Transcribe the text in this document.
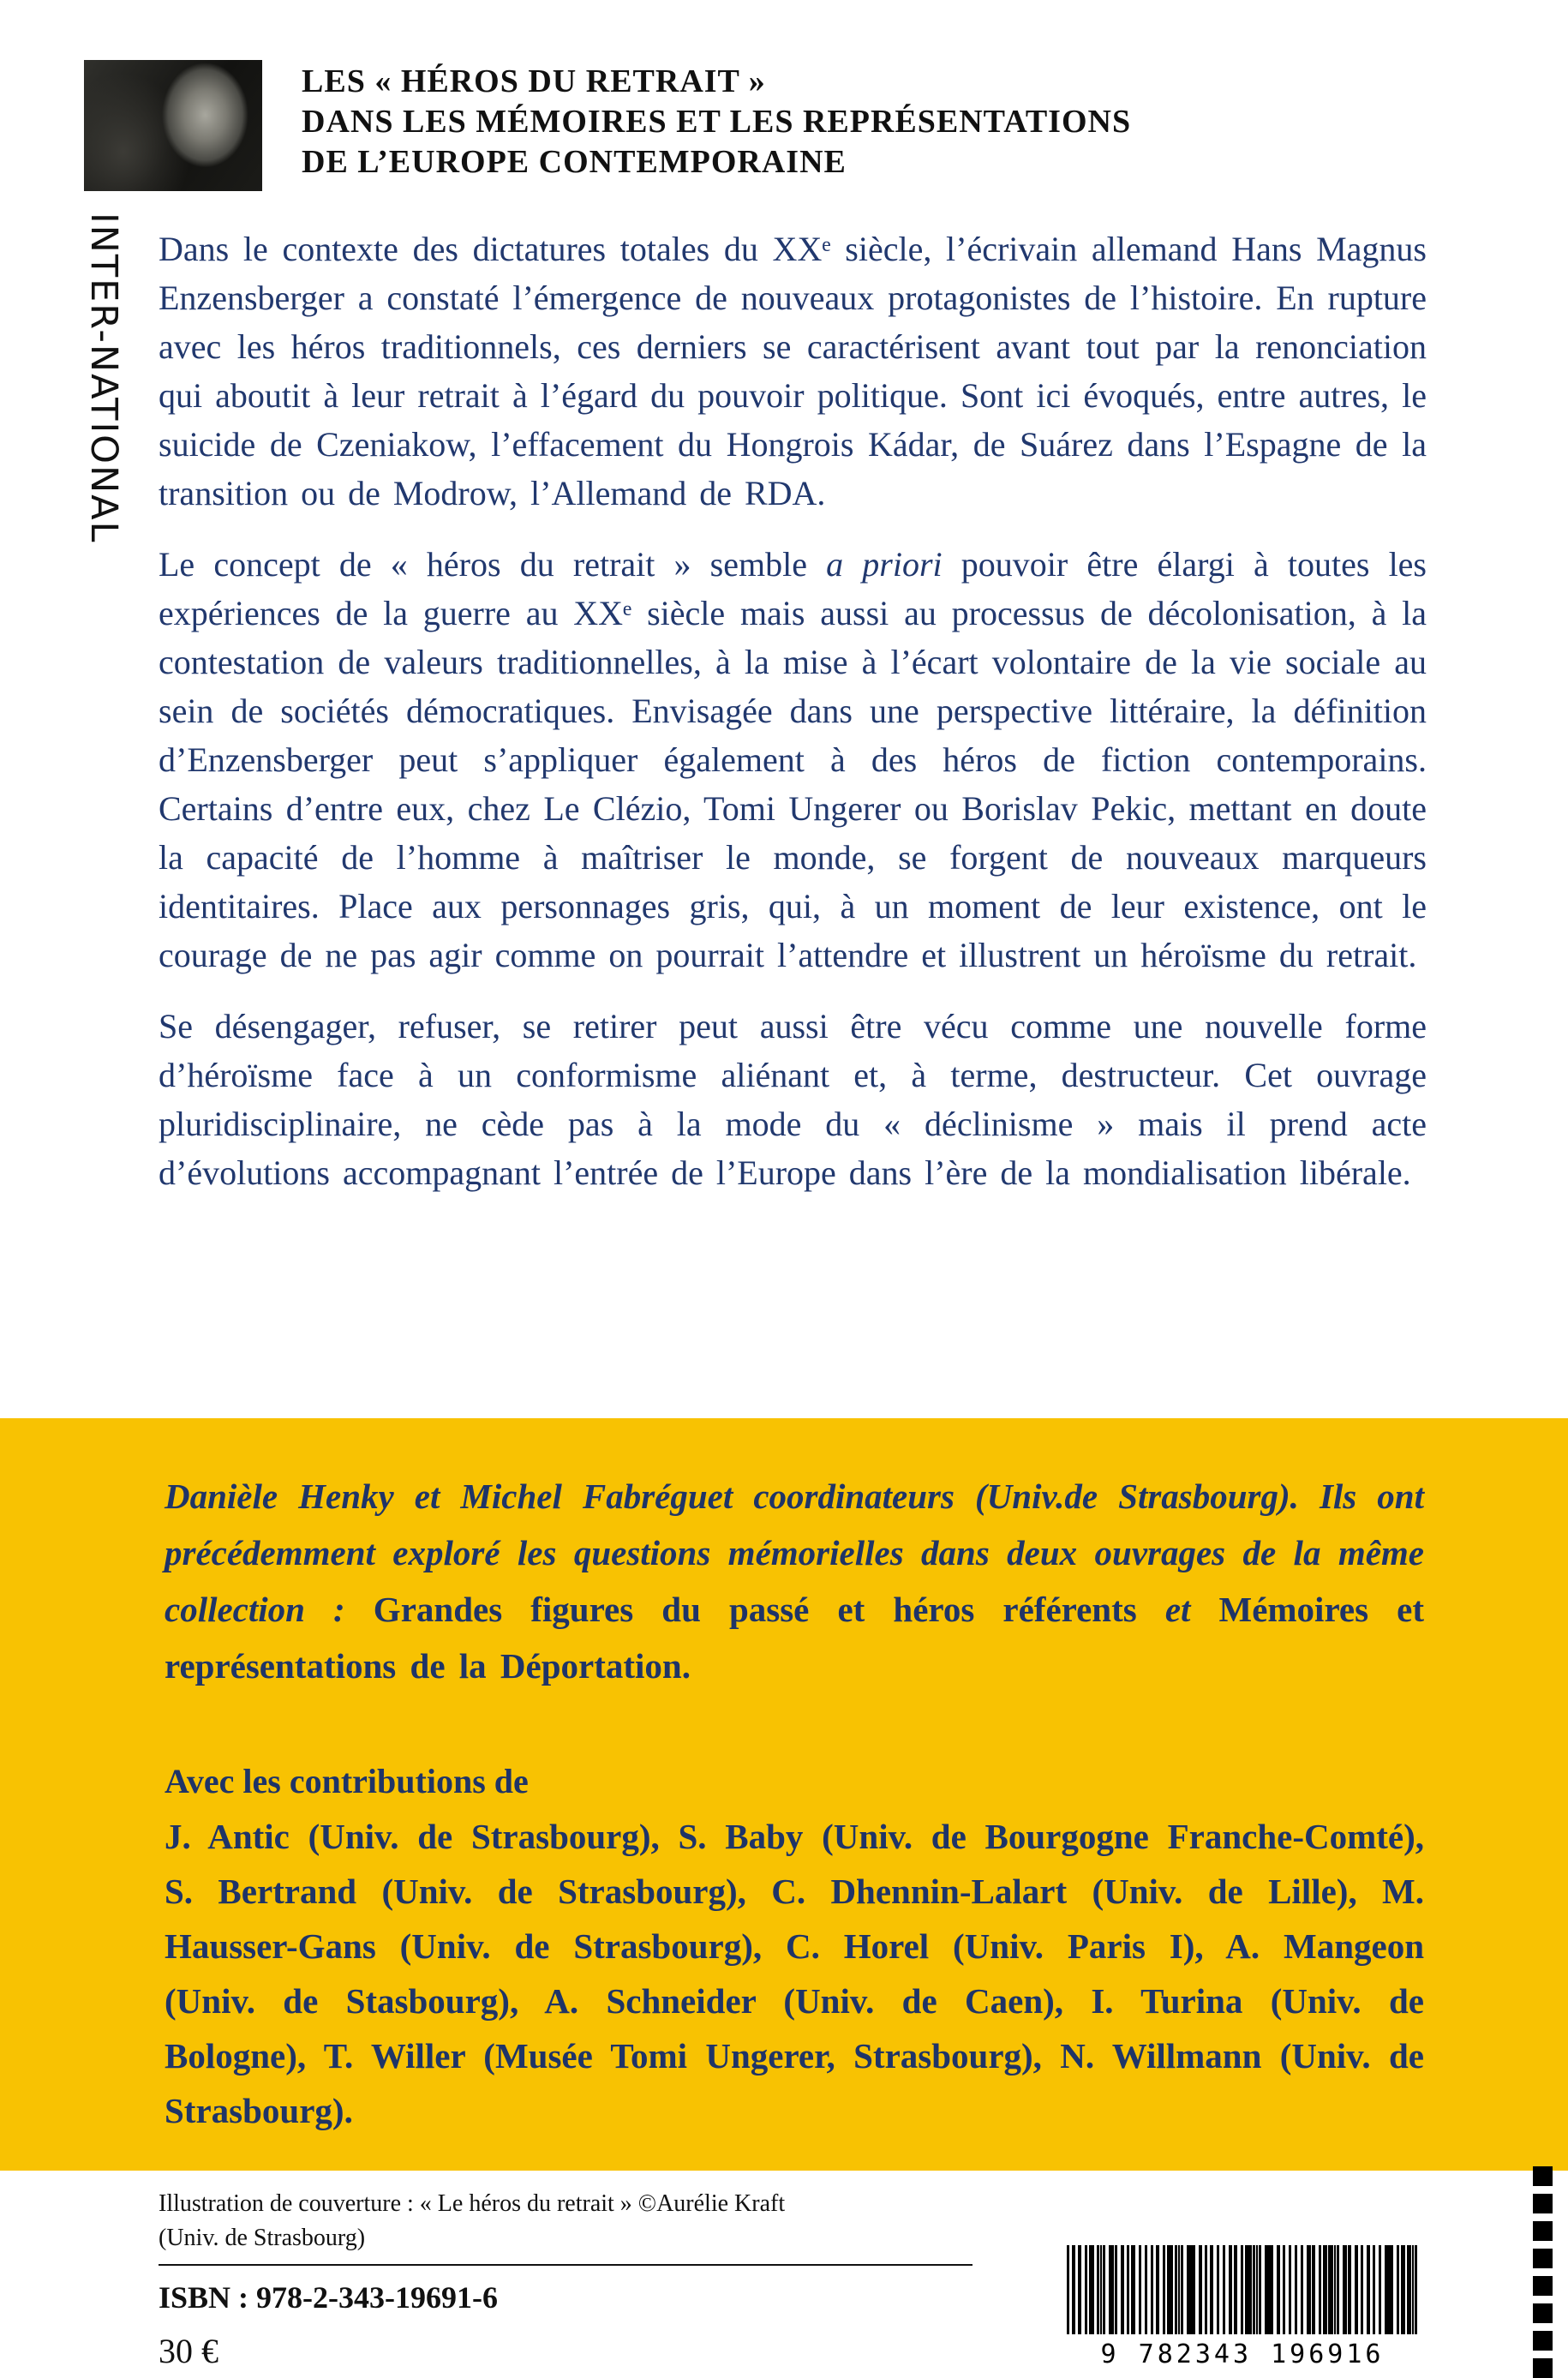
INTER-NATIONAL
LES « HÉROS DU RETRAIT »
DANS LES MÉMOIRES ET LES REPRÉSENTATIONS
DE L’EUROPE CONTEMPORAINE

Dans le contexte des dictatures totales du XXᵉ siècle, l’écrivain allemand Hans Magnus Enzensberger a constaté l’émergence de nouveaux protagonistes de l’histoire. En rupture avec les héros traditionnels, ces derniers se caractérisent avant tout par la renonciation qui aboutit à leur retrait à l’égard du pouvoir politique. Sont ici évoqués, entre autres, le suicide de Czeniakow, l’effacement du Hongrois Kádar, de Suárez dans l’Espagne de la transition ou de Modrow, l’Allemand de RDA.

Le concept de « héros du retrait » semble a priori pouvoir être élargi à toutes les expériences de la guerre au XXᵉ siècle mais aussi au processus de décolonisation, à la contestation de valeurs traditionnelles, à la mise à l’écart volontaire de la vie sociale au sein de sociétés démocratiques. Envisagée dans une perspective littéraire, la définition d’Enzensberger peut s’appliquer également à des héros de fiction contemporains. Certains d’entre eux, chez Le Clézio, Tomi Ungerer ou Borislav Pekic, mettant en doute la capacité de l’homme à maîtriser le monde, se forgent de nouveaux marqueurs identitaires. Place aux personnages gris, qui, à un moment de leur existence, ont le courage de ne pas agir comme on pourrait l’attendre et illustrent un héroïsme du retrait.

Se désengager, refuser, se retirer peut aussi être vécu comme une nouvelle forme d’héroïsme face à un conformisme aliénant et, à terme, destructeur. Cet ouvrage pluridisciplinaire, ne cède pas à la mode du « déclinisme » mais il prend acte d’évolutions accompagnant l’entrée de l’Europe dans l’ère de la mondialisation libérale.

Danièle Henky et Michel Fabréguet coordinateurs (Univ.de Strasbourg). Ils ont précédemment exploré les questions mémorielles dans deux ouvrages de la même collection : Grandes figures du passé et héros référents et Mémoires et représentations de la Déportation.

Avec les contributions de

J. Antic (Univ. de Strasbourg), S. Baby (Univ. de Bourgogne Franche-Comté), S. Bertrand (Univ. de Strasbourg), C. Dhennin-Lalart (Univ. de Lille), M. Hausser-Gans (Univ. de Strasbourg), C. Horel (Univ. Paris I), A. Mangeon (Univ. de Stasbourg), A. Schneider (Univ. de Caen), I. Turina (Univ. de Bologne), T. Willer (Musée Tomi Ungerer, Strasbourg), N. Willmann (Univ. de Strasbourg).

Illustration de couverture : « Le héros du retrait » ©Aurélie Kraft
(Univ. de Strasbourg)

ISBN : 978-2-343-19691-6

30 €	9 782343 196916
